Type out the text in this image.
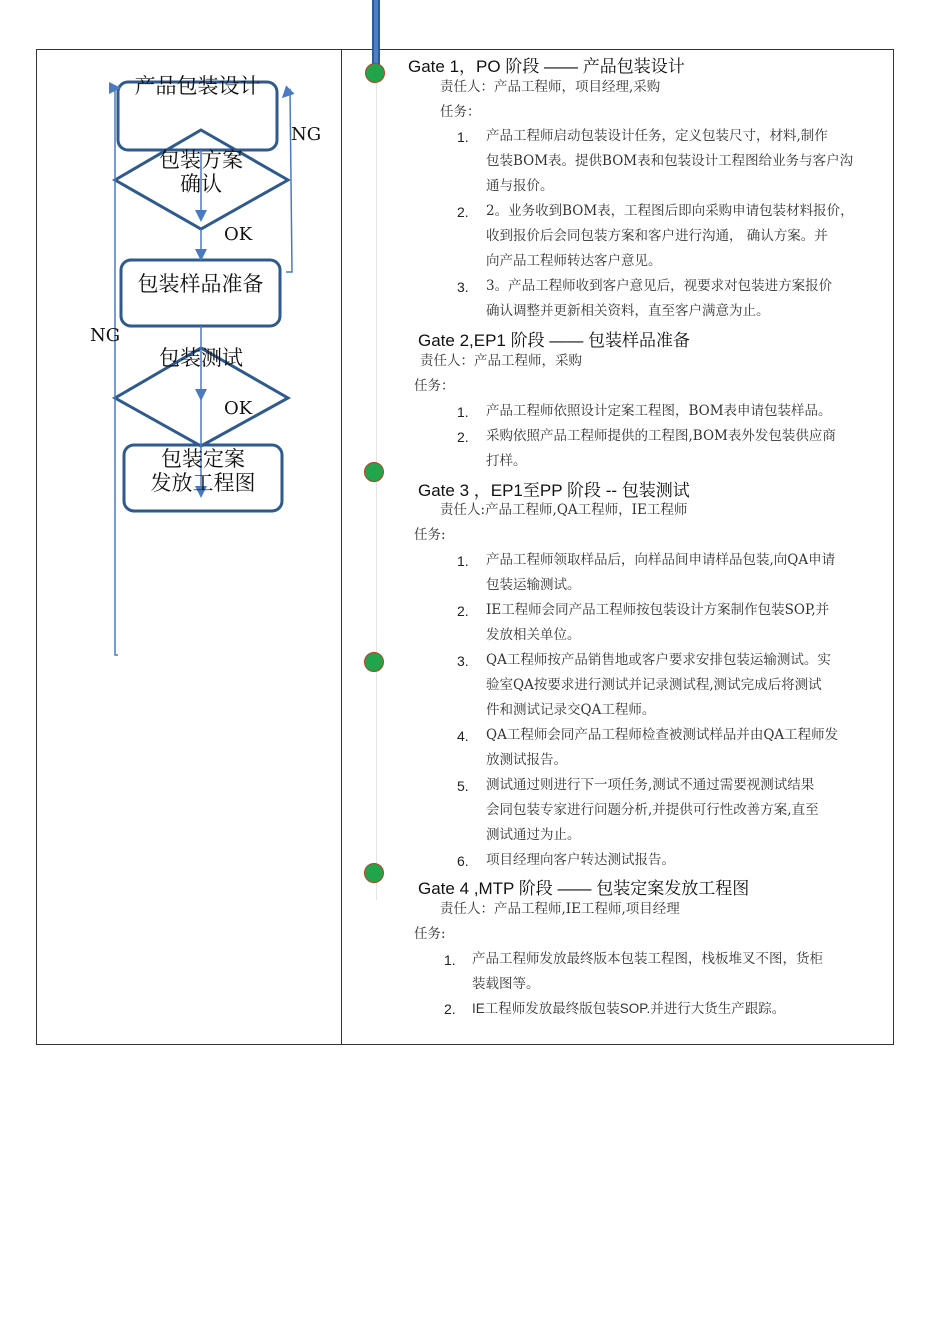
产品包装设计
包装方案
确认
包装样品准备
包装测试
包装定案
发放工程图
NG
OK
NG
OK
Gate 1，PO 阶段 —— 产品包装设计
责任人：产品工程师，项目经理,采购
任务：
1. 产品工程师启动包装设计任务，定义包装尺寸，材料,制作
包装BOM表。提供BOM表和包装设计工程图给业务与客户沟
通与报价。
2. 2。业务收到BOM表，工程图后即向采购申请包装材料报价，
收到报价后会同包装方案和客户进行沟通， 确认方案。并
向产品工程师转达客户意见。
3. 3。产品工程师收到客户意见后，视要求对包装进方案报价
确认调整并更新相关资料，直至客户满意为止。
Gate 2,EP1 阶段 —— 包装样品准备
责任人：产品工程师，采购
任务：
1. 产品工程师依照设计定案工程图，BOM表申请包装样品。
2. 采购依照产品工程师提供的工程图,BOM表外发包装供应商
打样。
Gate 3 ，EP1至PP 阶段 -- 包装测试
责任人:产品工程师,QA工程师，IE工程师
任务:
1. 产品工程师领取样品后，向样品间申请样品包装,向QA申请
包装运输测试。
2. IE工程师会同产品工程师按包装设计方案制作包装SOP,并
发放相关单位。
3. QA工程师按产品销售地或客户要求安排包装运输测试。实
验室QA按要求进行测试并记录测试程,测试完成后将测试
件和测试记录交QA工程师。
4. QA工程师会同产品工程师检查被测试样品并由QA工程师发
放测试报告。
5. 测试通过则进行下一项任务,测试不通过需要视测试结果
会同包装专家进行问题分析,并提供可行性改善方案,直至
测试通过为止。
6. 项目经理向客户转达测试报告。
Gate 4 ,MTP 阶段 —— 包装定案发放工程图
责任人：产品工程师,IE工程师,项目经理
任务:
1. 产品工程师发放最终版本包装工程图，栈板堆叉不图，货柜
装载图等。
2. IE工程师发放最终版包装SOP.并进行大货生产跟踪。
